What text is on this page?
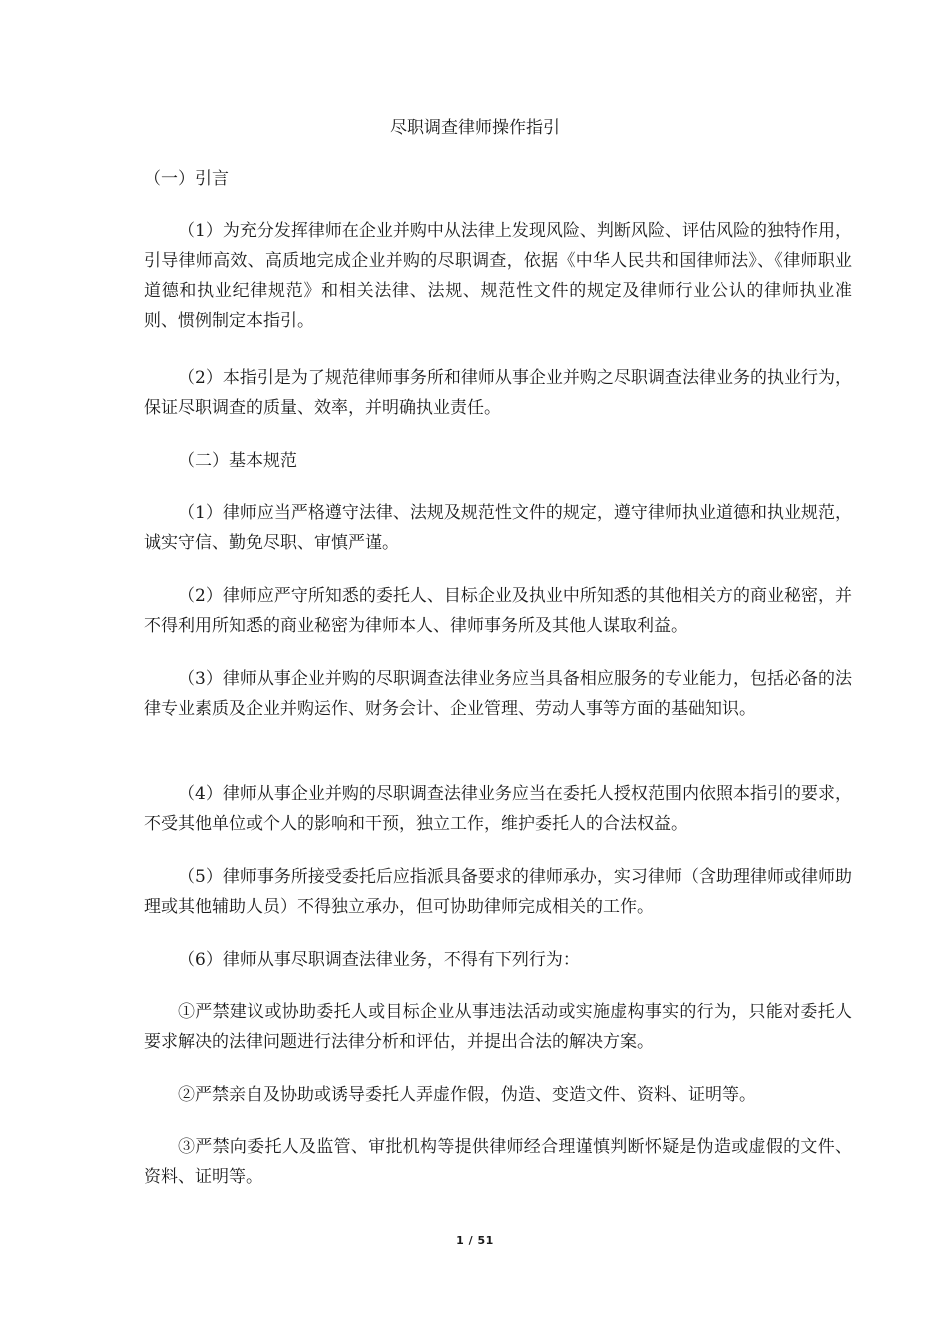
尽职调查律师操作指引

（一）引言

（1）为充分发挥律师在企业并购中从法律上发现风险、判断风险、评估风险的独特作用，引导律师高效、高质地完成企业并购的尽职调查，依据《中华人民共和国律师法》、《律师职业道德和执业纪律规范》和相关法律、法规、规范性文件的规定及律师行业公认的律师执业准则、惯例制定本指引。

（2）本指引是为了规范律师事务所和律师从事企业并购之尽职调查法律业务的执业行为，保证尽职调查的质量、效率，并明确执业责任。

（二）基本规范

（1）律师应当严格遵守法律、法规及规范性文件的规定，遵守律师执业道德和执业规范，诚实守信、勤免尽职、审慎严谨。

（2）律师应严守所知悉的委托人、目标企业及执业中所知悉的其他相关方的商业秘密，并不得利用所知悉的商业秘密为律师本人、律师事务所及其他人谋取利益。

（3）律师从事企业并购的尽职调查法律业务应当具备相应服务的专业能力，包括必备的法律专业素质及企业并购运作、财务会计、企业管理、劳动人事等方面的基础知识。

（4）律师从事企业并购的尽职调查法律业务应当在委托人授权范围内依照本指引的要求，不受其他单位或个人的影响和干预，独立工作，维护委托人的合法权益。

（5）律师事务所接受委托后应指派具备要求的律师承办，实习律师（含助理律师或律师助理或其他辅助人员）不得独立承办，但可协助律师完成相关的工作。

（6）律师从事尽职调查法律业务，不得有下列行为：

①严禁建议或协助委托人或目标企业从事违法活动或实施虚构事实的行为，只能对委托人要求解决的法律问题进行法律分析和评估，并提出合法的解决方案。

②严禁亲自及协助或诱导委托人弄虚作假，伪造、变造文件、资料、证明等。

③严禁向委托人及监管、审批机构等提供律师经合理谨慎判断怀疑是伪造或虚假的文件、资料、证明等。

1 / 51
